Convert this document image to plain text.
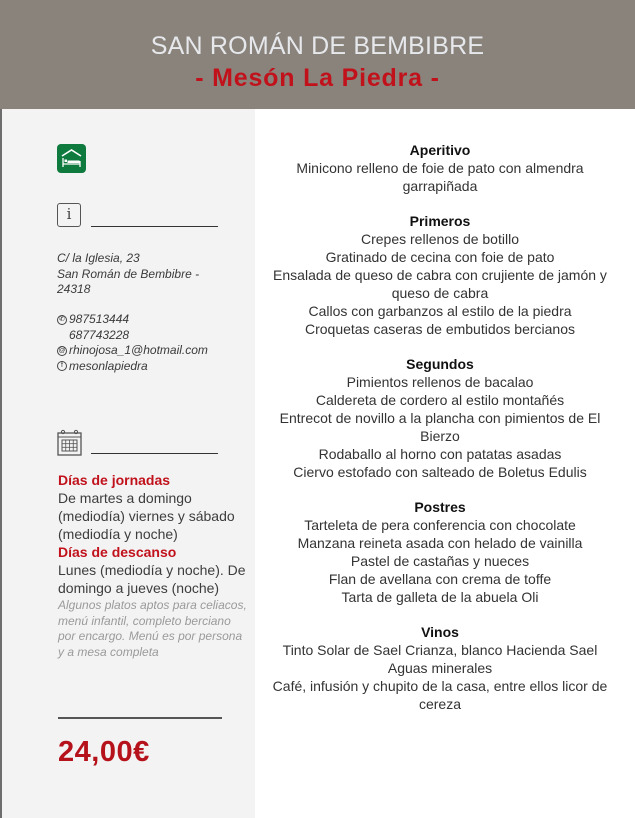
SAN ROMÁN DE BEMBIBRE
- Mesón La Piedra -
i
C/ la Iglesia, 23
San Román de Bembibre -
24318
✆ 987513444
687743228
@ rhinojosa_1@hotmail.com
f mesonlapiedra
Días de jornadas
De martes a domingo (mediodía) viernes y sábado (mediodía y noche)
Días de descanso
Lunes (mediodía y noche). De domingo a jueves (noche)
Algunos platos aptos para celiacos, menú infantil, completo berciano por encargo. Menú es por persona y a mesa completa
24,00€
Aperitivo
Minicono relleno de foie de pato con almendra garrapiñada
Primeros
Crepes rellenos de botillo
Gratinado de cecina con foie de pato
Ensalada de queso de cabra con crujiente de jamón y queso de cabra
Callos con garbanzos al estilo de la piedra
Croquetas caseras de embutidos bercianos
Segundos
Pimientos rellenos de bacalao
Caldereta de cordero al estilo montañés
Entrecot de novillo a la plancha con pimientos de El Bierzo
Rodaballo al horno con patatas asadas
Ciervo estofado con salteado de Boletus Edulis
Postres
Tarteleta de pera conferencia con chocolate
Manzana reineta asada con helado de vainilla
Pastel de castañas y nueces
Flan de avellana con crema de toffe
Tarta de galleta de la abuela Oli
Vinos
Tinto Solar de Sael Crianza, blanco Hacienda Sael
Aguas minerales
Café, infusión y chupito de la casa, entre ellos licor de cereza
